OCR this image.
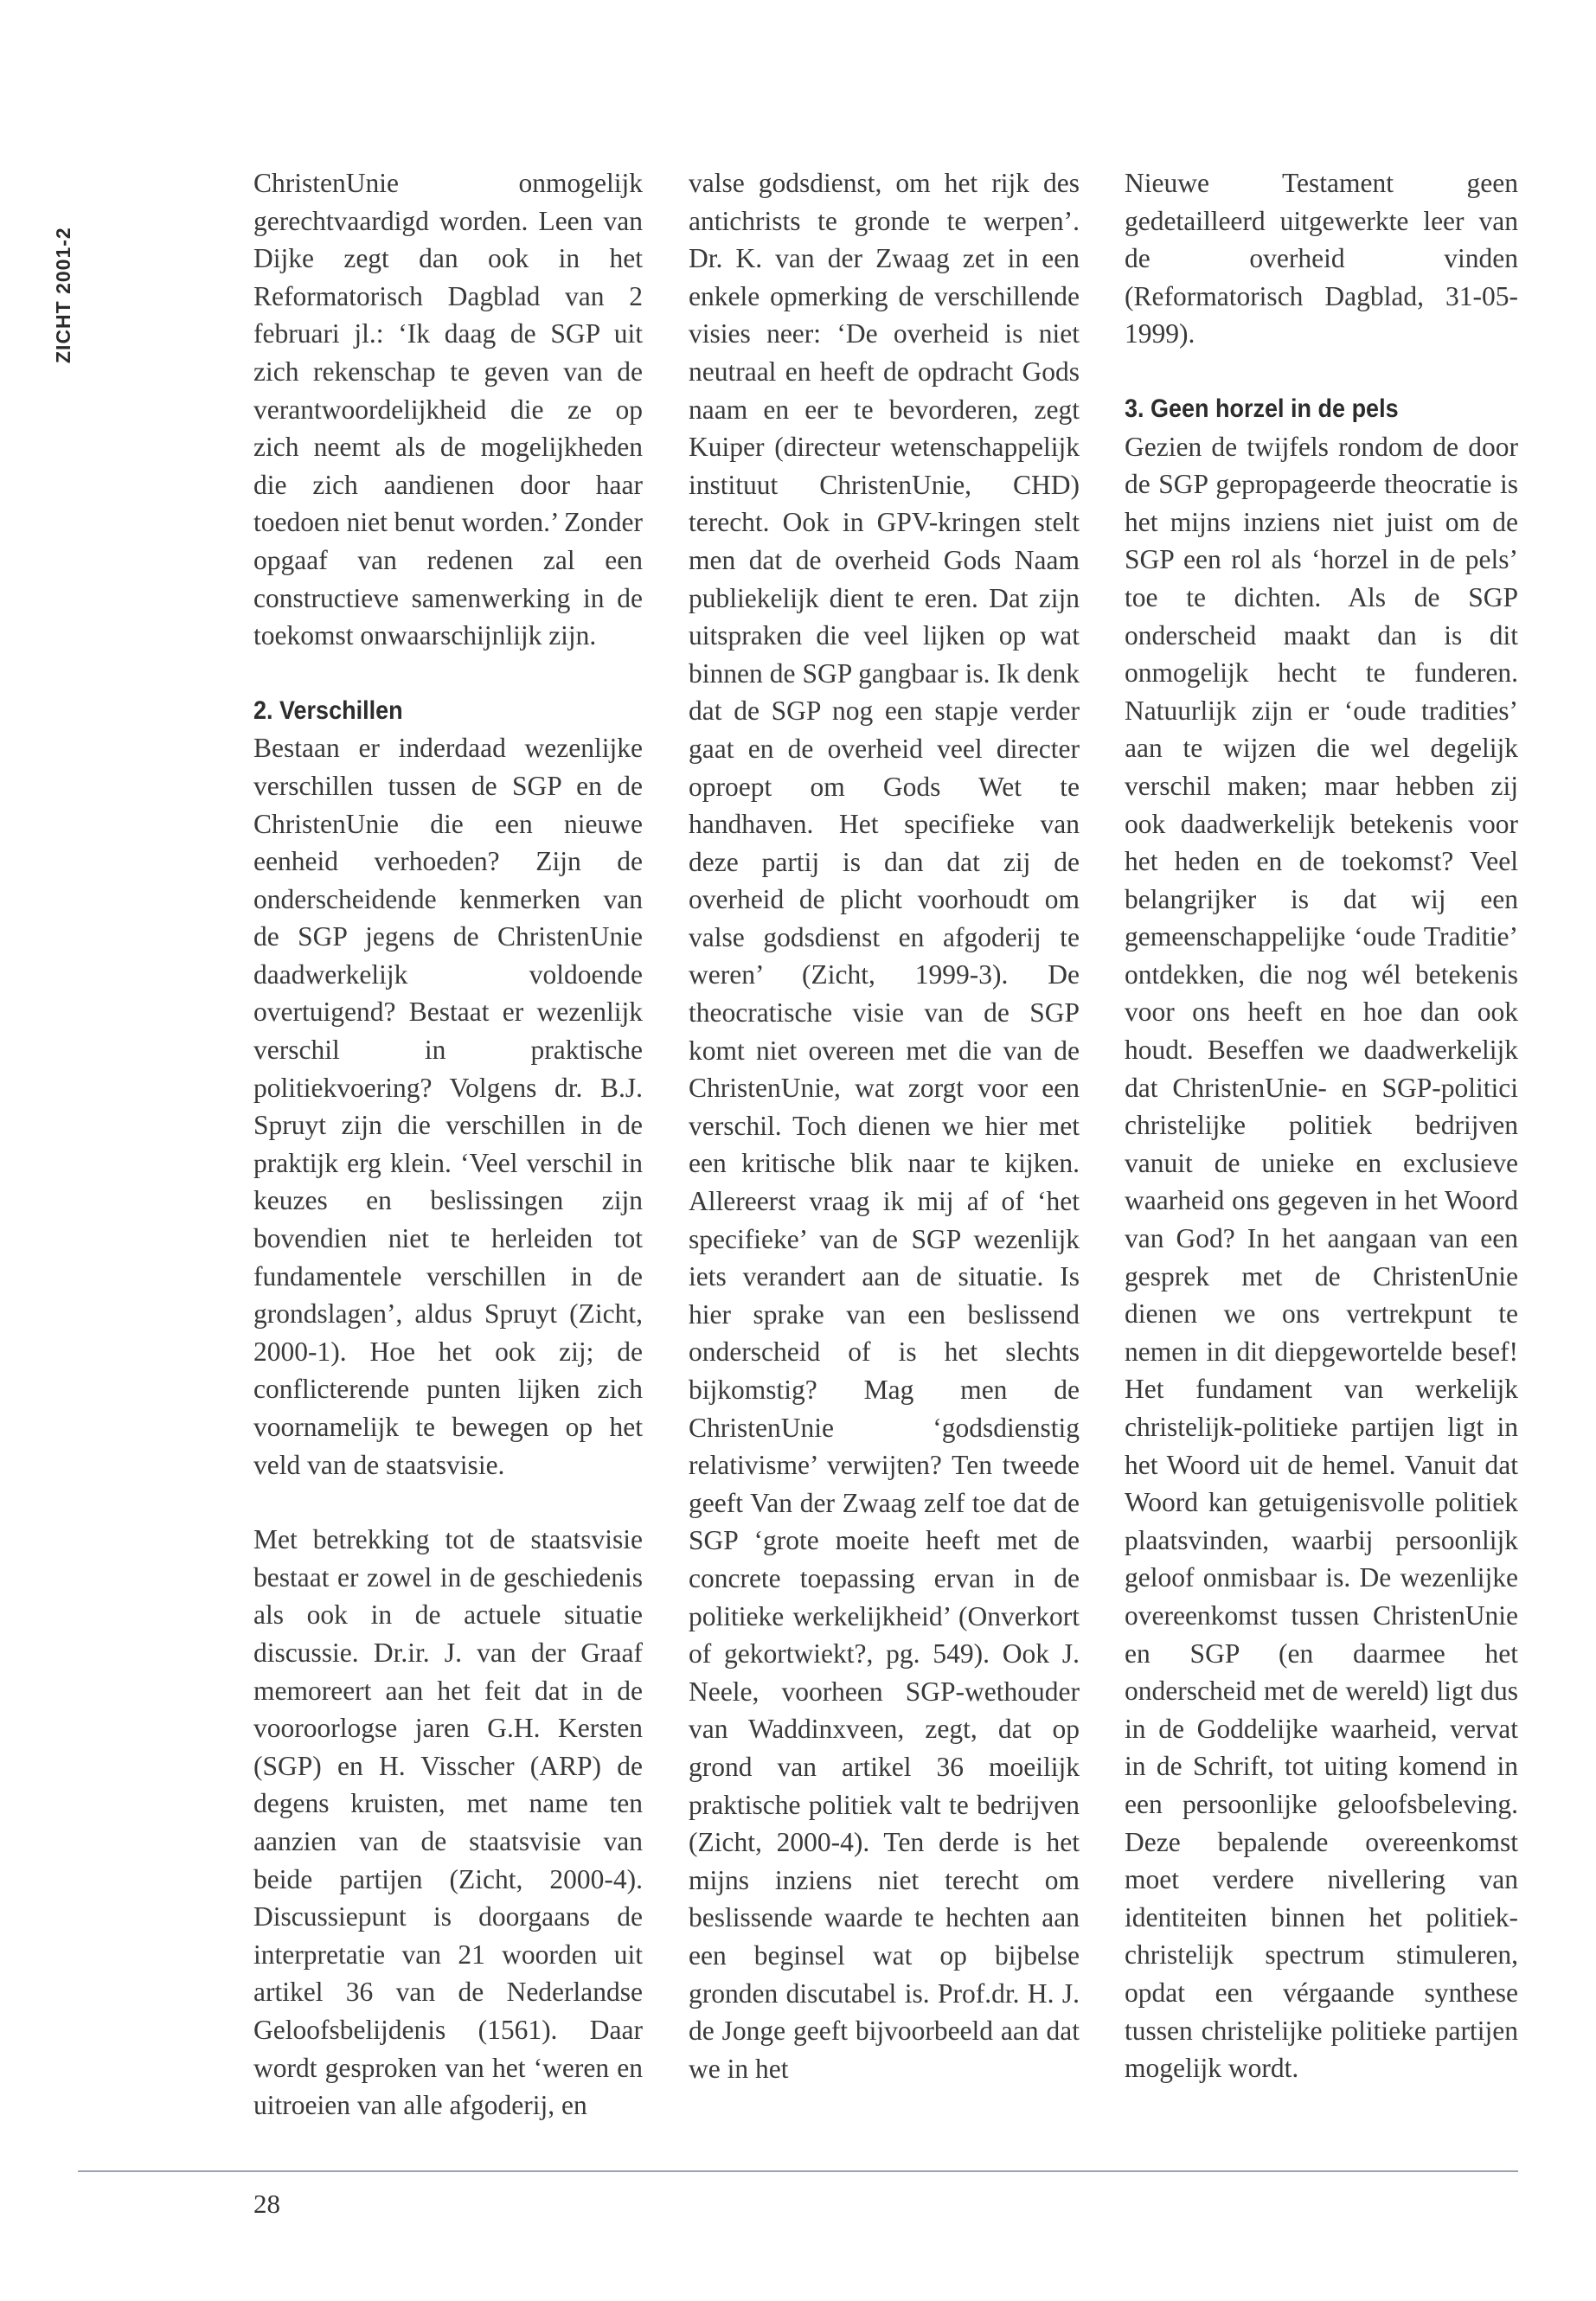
ZICHT 2001-2

ChristenUnie onmogelijk gerechtvaardigd worden. Leen van Dijke zegt dan ook in het Reformatorisch Dagblad van 2 februari jl.: ‘Ik daag de SGP uit zich rekenschap te geven van de verantwoordelijkheid die ze op zich neemt als de mogelijkheden die zich aandienen door haar toedoen niet benut worden.’ Zonder opgaaf van redenen zal een constructieve samenwerking in de toekomst onwaarschijnlijk zijn.

2. Verschillen

Bestaan er inderdaad wezenlijke verschillen tussen de SGP en de ChristenUnie die een nieuwe eenheid verhoeden? Zijn de onderscheidende kenmerken van de SGP jegens de ChristenUnie daadwerkelijk voldoende overtuigend? Bestaat er wezenlijk verschil in praktische politiekvoering? Volgens dr. B.J. Spruyt zijn die verschillen in de praktijk erg klein. ‘Veel verschil in keuzes en beslissingen zijn bovendien niet te herleiden tot fundamentele verschillen in de grondslagen’, aldus Spruyt (Zicht, 2000-1). Hoe het ook zij; de conflicterende punten lijken zich voornamelijk te bewegen op het veld van de staatsvisie.

Met betrekking tot de staatsvisie bestaat er zowel in de geschiedenis als ook in de actuele situatie discussie. Dr.ir. J. van der Graaf memoreert aan het feit dat in de vooroorlogse jaren G.H. Kersten (SGP) en H. Visscher (ARP) de degens kruisten, met name ten aanzien van de staatsvisie van beide partijen (Zicht, 2000-4). Discussiepunt is doorgaans de interpretatie van 21 woorden uit artikel 36 van de Nederlandse Geloofsbelijdenis (1561). Daar wordt gesproken van het ‘weren en uitroeien van alle afgoderij, en

valse godsdienst, om het rijk des antichrists te gronde te werpen’. Dr. K. van der Zwaag zet in een enkele opmerking de verschillende visies neer: ‘De overheid is niet neutraal en heeft de opdracht Gods naam en eer te bevorderen, zegt Kuiper (directeur wetenschappelijk instituut ChristenUnie, CHD) terecht. Ook in GPV-kringen stelt men dat de overheid Gods Naam publiekelijk dient te eren. Dat zijn uitspraken die veel lijken op wat binnen de SGP gangbaar is. Ik denk dat de SGP nog een stapje verder gaat en de overheid veel directer oproept om Gods Wet te handhaven. Het specifieke van deze partij is dan dat zij de overheid de plicht voorhoudt om valse godsdienst en afgoderij te weren’ (Zicht, 1999-3). De theocratische visie van de SGP komt niet overeen met die van de ChristenUnie, wat zorgt voor een verschil. Toch dienen we hier met een kritische blik naar te kijken. Allereerst vraag ik mij af of ‘het specifieke’ van de SGP wezenlijk iets verandert aan de situatie. Is hier sprake van een beslissend onderscheid of is het slechts bijkomstig? Mag men de ChristenUnie ‘godsdienstig relativisme’ verwijten? Ten tweede geeft Van der Zwaag zelf toe dat de SGP ‘grote moeite heeft met de concrete toepassing ervan in de politieke werkelijkheid’ (Onverkort of gekortwiekt?, pg. 549). Ook J. Neele, voorheen SGP-wethouder van Waddinxveen, zegt, dat op grond van artikel 36 moeilijk praktische politiek valt te bedrijven (Zicht, 2000-4). Ten derde is het mijns inziens niet terecht om beslissende waarde te hechten aan een beginsel wat op bijbelse gronden discutabel is. Prof.dr. H. J. de Jonge geeft bijvoorbeeld aan dat we in het

Nieuwe Testament geen gedetailleerd uitgewerkte leer van de overheid vinden (Reformatorisch Dagblad, 31-05-1999).

3. Geen horzel in de pels

Gezien de twijfels rondom de door de SGP gepropageerde theocratie is het mijns inziens niet juist om de SGP een rol als ‘horzel in de pels’ toe te dichten. Als de SGP onderscheid maakt dan is dit onmogelijk hecht te funderen. Natuurlijk zijn er ‘oude tradities’ aan te wijzen die wel degelijk verschil maken; maar hebben zij ook daadwerkelijk betekenis voor het heden en de toekomst? Veel belangrijker is dat wij een gemeenschappelijke ‘oude Traditie’ ontdekken, die nog wél betekenis voor ons heeft en hoe dan ook houdt. Beseffen we daadwerkelijk dat ChristenUnie- en SGP-politici christelijke politiek bedrijven vanuit de unieke en exclusieve waarheid ons gegeven in het Woord van God? In het aangaan van een gesprek met de ChristenUnie dienen we ons vertrekpunt te nemen in dit diepgewortelde besef! Het fundament van werkelijk christelijk-politieke partijen ligt in het Woord uit de hemel. Vanuit dat Woord kan getuigenisvolle politiek plaatsvinden, waarbij persoonlijk geloof onmisbaar is. De wezenlijke overeenkomst tussen ChristenUnie en SGP (en daarmee het onderscheid met de wereld) ligt dus in de Goddelijke waarheid, vervat in de Schrift, tot uiting komend in een persoonlijke geloofsbeleving. Deze bepalende overeenkomst moet verdere nivellering van identiteiten binnen het politiek-christelijk spectrum stimuleren, opdat een vérgaande synthese tussen christelijke politieke partijen mogelijk wordt.

28
